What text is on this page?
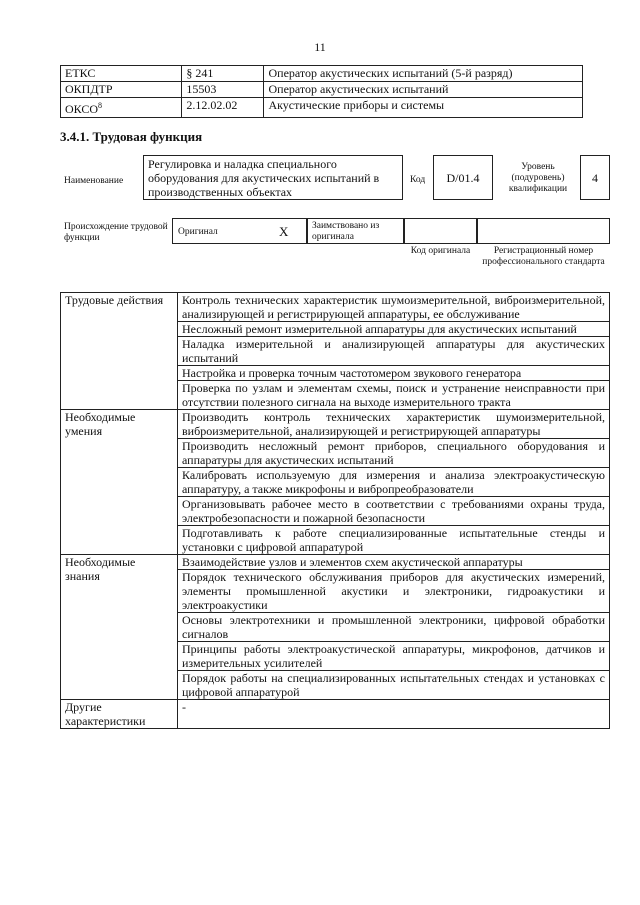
11
ЕТКС	§ 241	Оператор акустических испытаний (5-й разряд)
ОКПДТР	15503	Оператор акустических испытаний
ОКСО$^8$	2.12.02.02	Акустические приборы и системы
3.4.1. Трудовая функция
Наименование
Регулировка и наладка специального оборудования для акустических испытаний в производственных объектах
Код	D/01.4
Уровень (подуровень) квалификации
4
Происхождение трудовой функции
Оригинал	X	Заимствовано из оригинала
Код оригинала	Регистрационный номер профессионального стандарта
Трудовые действия	Контроль технических характеристик шумоизмерительной, виброизмерительной, анализирующей и регистрирующей аппаратуры, ее обслуживание
	Несложный ремонт измерительной аппаратуры для акустических испытаний
	Наладка измерительной и анализирующей аппаратуры для акустических испытаний
	Настройка и проверка точным частотомером звукового генератора
	Проверка по узлам и элементам схемы, поиск и устранение неисправности при отсутствии полезного сигнала на выходе измерительного тракта
Необходимые умения	Производить контроль технических характеристик шумоизмерительной, виброизмерительной, анализирующей и регистрирующей аппаратуры
	Производить несложный ремонт приборов, специального оборудования и аппаратуры для акустических испытаний
	Калибровать используемую для измерения и анализа электроакустическую аппаратуру, а также микрофоны и вибропреобразователи
	Организовывать рабочее место в соответствии с требованиями охраны труда, электробезопасности и пожарной безопасности
	Подготавливать к работе специализированные испытательные стенды и установки с цифровой аппаратурой
Необходимые знания	Взаимодействие узлов и элементов схем акустической аппаратуры
	Порядок технического обслуживания приборов для акустических измерений, элементы промышленной акустики и электроники, гидроакустики и электроакустики
	Основы электротехники и промышленной электроники, цифровой обработки сигналов
	Принципы работы электроакустической аппаратуры, микрофонов, датчиков и измерительных усилителей
	Порядок работы на специализированных испытательных стендах и установках с цифровой аппаратурой
Другие характеристики	-
